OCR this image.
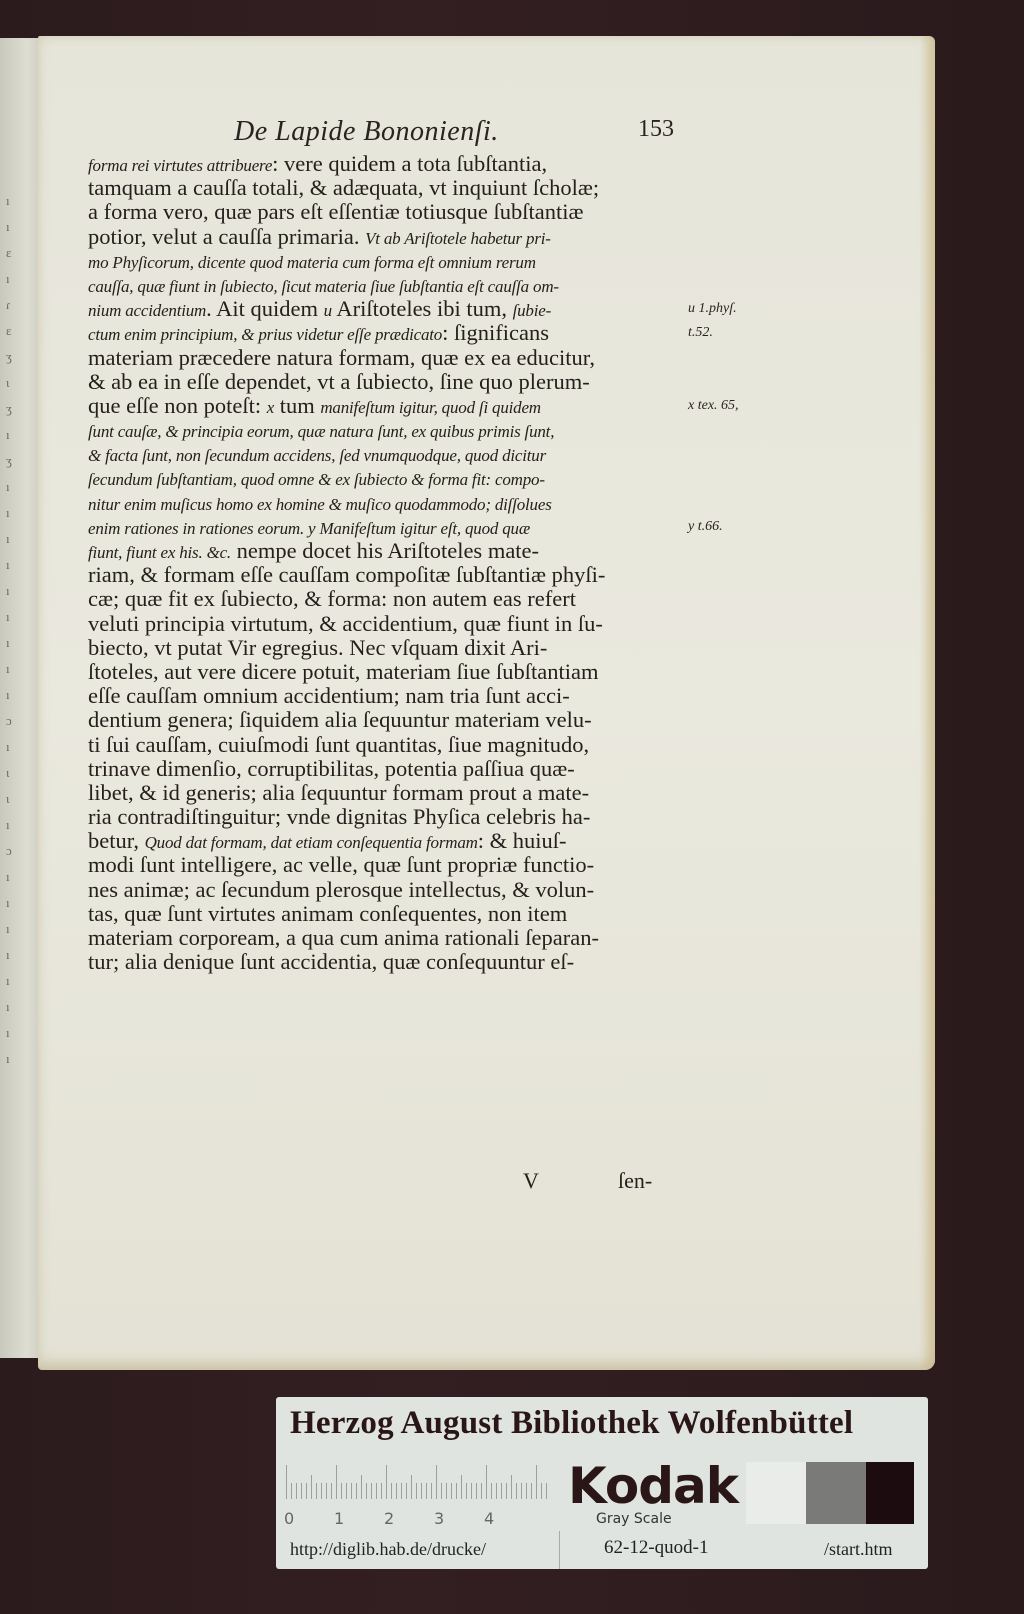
ı
ı
ε
ı
ɾ
ɛ
ʒ
ɩ
ʒ
ı
ʒ
ı
ı
ı
ı
ı
ı
ı
ı
ı
ɔ
ı
ɩ
ɩ
ı
ɔ
ı
ı
ı
ı
ı
ı
ı
ı
De Lapide Bononienſi.	153
forma rei virtutes attribuere: vere quidem a tota ſubſtantia,
tamquam a cauſſa totali, & adæquata, vt inquiunt ſcholæ;
a forma vero, quæ pars eſt eſſentiæ totiusque ſubſtantiæ
potior, velut a cauſſa primaria. Vt ab Ariſtotele habetur pri-
mo Phyſicorum, dicente quod materia cum forma eſt omnium rerum
cauſſa, quæ fiunt in ſubiecto, ſicut materia ſiue ſubſtantia eſt cauſſa om-
nium accidentium. Ait quidem u Ariſtoteles ibi tum, ſubie-
ctum enim principium, & prius videtur eſſe prædicato: ſignificans
materiam præcedere natura formam, quæ ex ea educitur,
& ab ea in eſſe dependet, vt a ſubiecto, ſine quo plerum-
que eſſe non poteſt: x tum manifeſtum igitur, quod ſi quidem
ſunt cauſæ, & principia eorum, quæ natura ſunt, ex quibus primis ſunt,
& facta ſunt, non ſecundum accidens, ſed vnumquodque, quod dicitur
ſecundum ſubſtantiam, quod omne & ex ſubiecto & forma fit: compo-
nitur enim muſicus homo ex homine & muſico quodammodo; diſſolues
enim rationes in rationes eorum. y Manifeſtum igitur eſt, quod quæ
fiunt, fiunt ex his. &c. nempe docet his Ariſtoteles mate-
riam, & formam eſſe cauſſam compoſitæ ſubſtantiæ phyſi-
cæ; quæ fit ex ſubiecto, & forma: non autem eas refert
veluti principia virtutum, & accidentium, quæ fiunt in ſu-
biecto, vt putat Vir egregius. Nec vſquam dixit Ari-
ſtoteles, aut vere dicere potuit, materiam ſiue ſubſtantiam
eſſe cauſſam omnium accidentium; nam tria ſunt acci-
dentium genera; ſiquidem alia ſequuntur materiam velu-
ti ſui cauſſam, cuiuſmodi ſunt quantitas, ſiue magnitudo,
trinave dimenſio, corruptibilitas, potentia paſſiua quæ-
libet, & id generis; alia ſequuntur formam prout a mate-
ria contradiſtinguitur; vnde dignitas Phyſica celebris ha-
betur, Quod dat formam, dat etiam conſequentia formam: & huiuſ-
modi ſunt intelligere, ac velle, quæ ſunt propriæ functio-
nes animæ; ac ſecundum plerosque intellectus, & volun-
tas, quæ ſunt virtutes animam conſequentes, non item
materiam corpoream, a qua cum anima rationali ſeparan-
tur; alia denique ſunt accidentia, quæ conſequuntur eſ-
u 1.phyſ.
t.52.
x tex. 65,
y t.66.
V	ſen-
Herzog August Bibliothek Wolfenbüttel
0 1 2 3 4
Kodak
Gray Scale
http://diglib.hab.de/drucke/	62-12-quod-1	/start.htm
